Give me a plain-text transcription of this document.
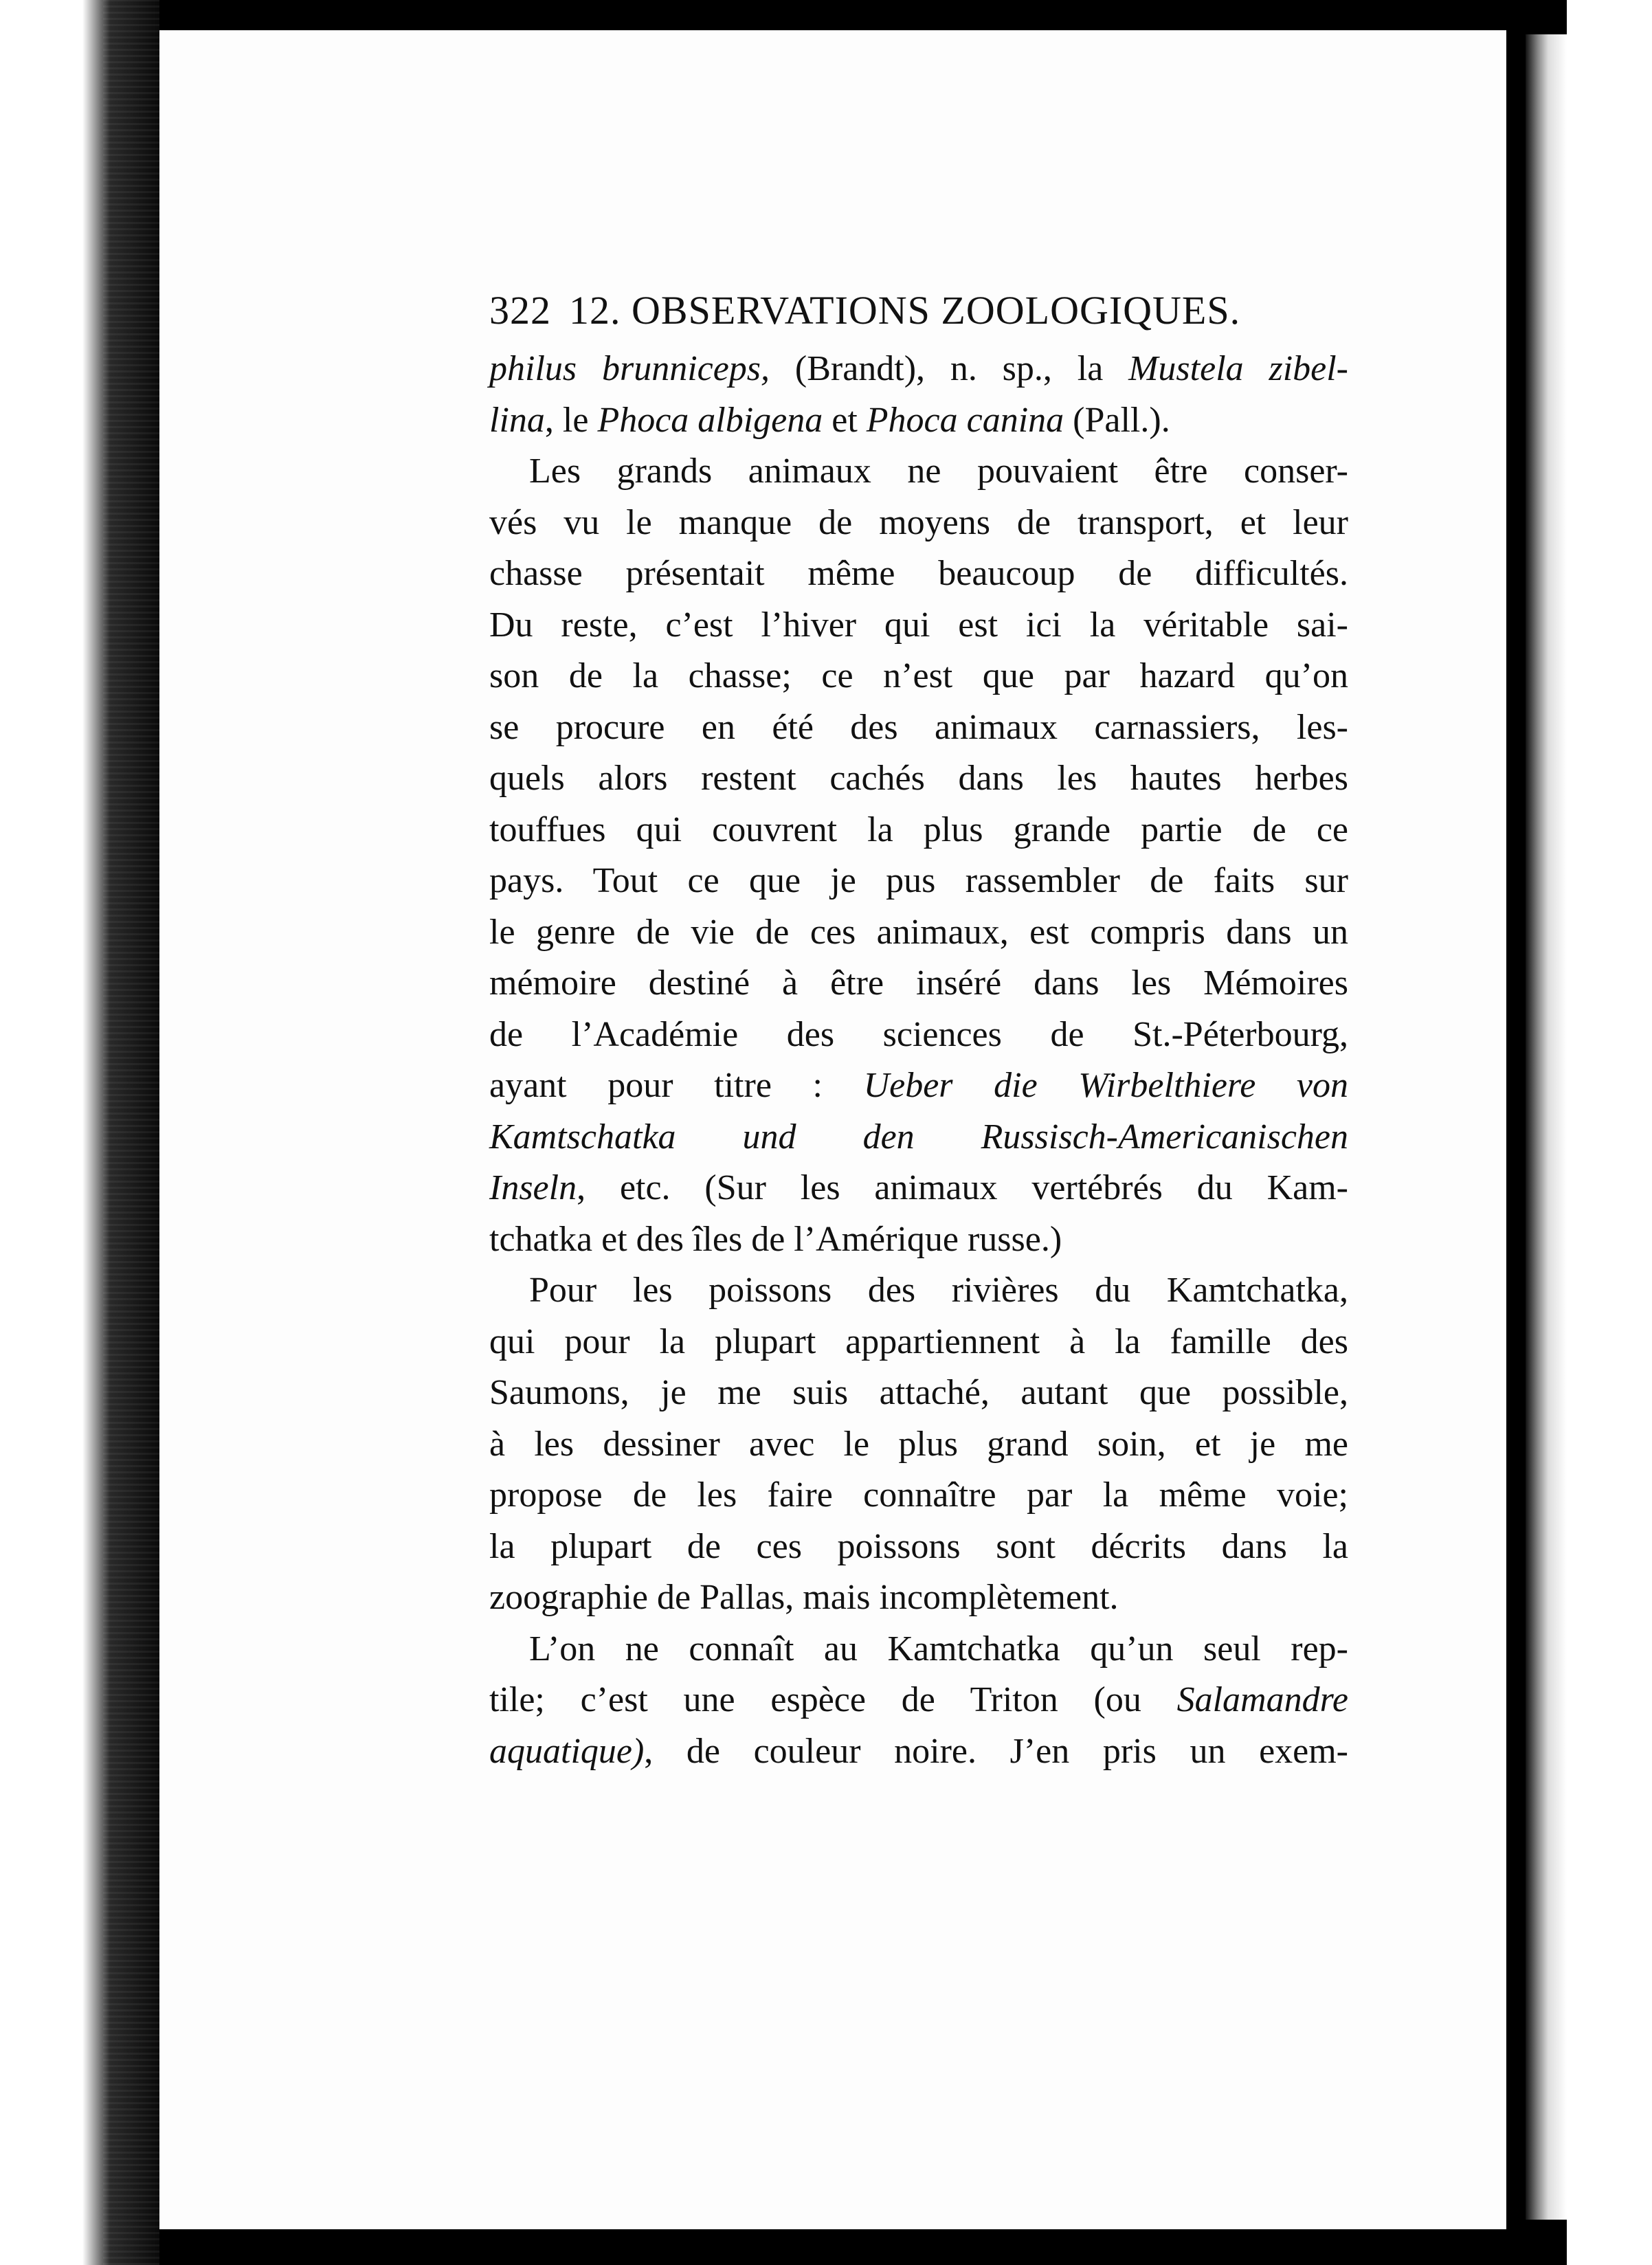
322 12. OBSERVATIONS ZOOLOGIQUES.
philus brunniceps, (Brandt), n. sp., la Mustela zibel-
lina, le Phoca albigena et Phoca canina (Pall.).
Les grands animaux ne pouvaient être conser-
vés vu le manque de moyens de transport, et leur
chasse présentait même beaucoup de difficultés.
Du reste, c’est l’hiver qui est ici la véritable sai-
son de la chasse; ce n’est que par hazard qu’on
se procure en été des animaux carnassiers, les-
quels alors restent cachés dans les hautes herbes
touffues qui couvrent la plus grande partie de ce
pays. Tout ce que je pus rassembler de faits sur
le genre de vie de ces animaux, est compris dans un
mémoire destiné à être inséré dans les Mémoires
de l’Académie des sciences de St.-Péterbourg,
ayant pour titre : Ueber die Wirbelthiere von
Kamtschatka und den Russisch-Americanischen
Inseln, etc. (Sur les animaux vertébrés du Kam-
tchatka et des îles de l’Amérique russe.)
Pour les poissons des rivières du Kamtchatka,
qui pour la plupart appartiennent à la famille des
Saumons, je me suis attaché, autant que possible,
à les dessiner avec le plus grand soin, et je me
propose de les faire connaître par la même voie;
la plupart de ces poissons sont décrits dans la
zoographie de Pallas, mais incomplètement.
L’on ne connaît au Kamtchatka qu’un seul rep-
tile; c’est une espèce de Triton (ou Salamandre
aquatique), de couleur noire. J’en pris un exem-
